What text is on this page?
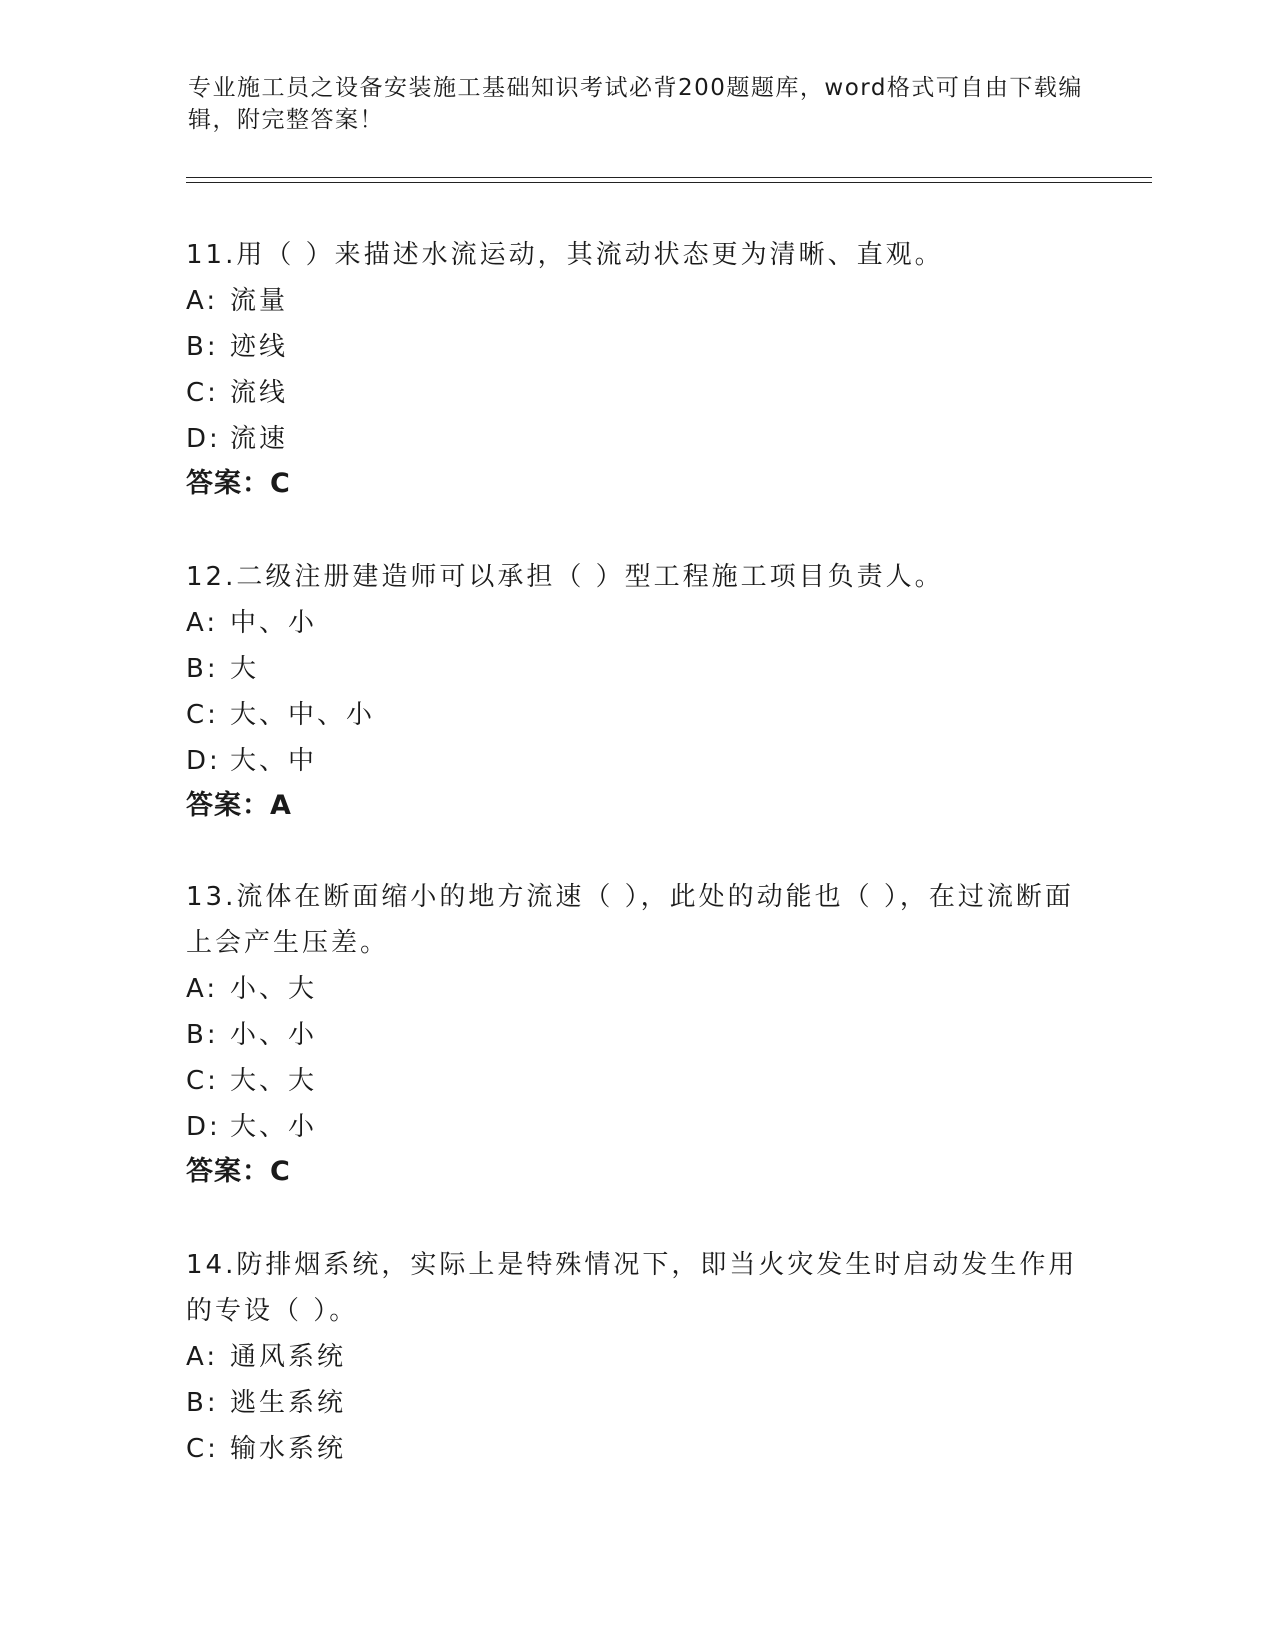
专业施工员之设备安装施工基础知识考试必背200题题库，word格式可自由下载编辑，附完整答案！

11.用（ ）来描述水流运动，其流动状态更为清晰、直观。

A: 流量
B: 迹线
C: 流线
D: 流速
答案：C

12.二级注册建造师可以承担（ ）型工程施工项目负责人。

A: 中、小
B: 大
C: 大、中、小
D: 大、中
答案：A

13.流体在断面缩小的地方流速（ ），此处的动能也（ ），在过流断面上会产生压差。

A: 小、大
B: 小、小
C: 大、大
D: 大、小
答案：C

14.防排烟系统，实际上是特殊情况下，即当火灾发生时启动发生作用的专设（ ）。

A: 通风系统
B: 逃生系统
C: 输水系统
